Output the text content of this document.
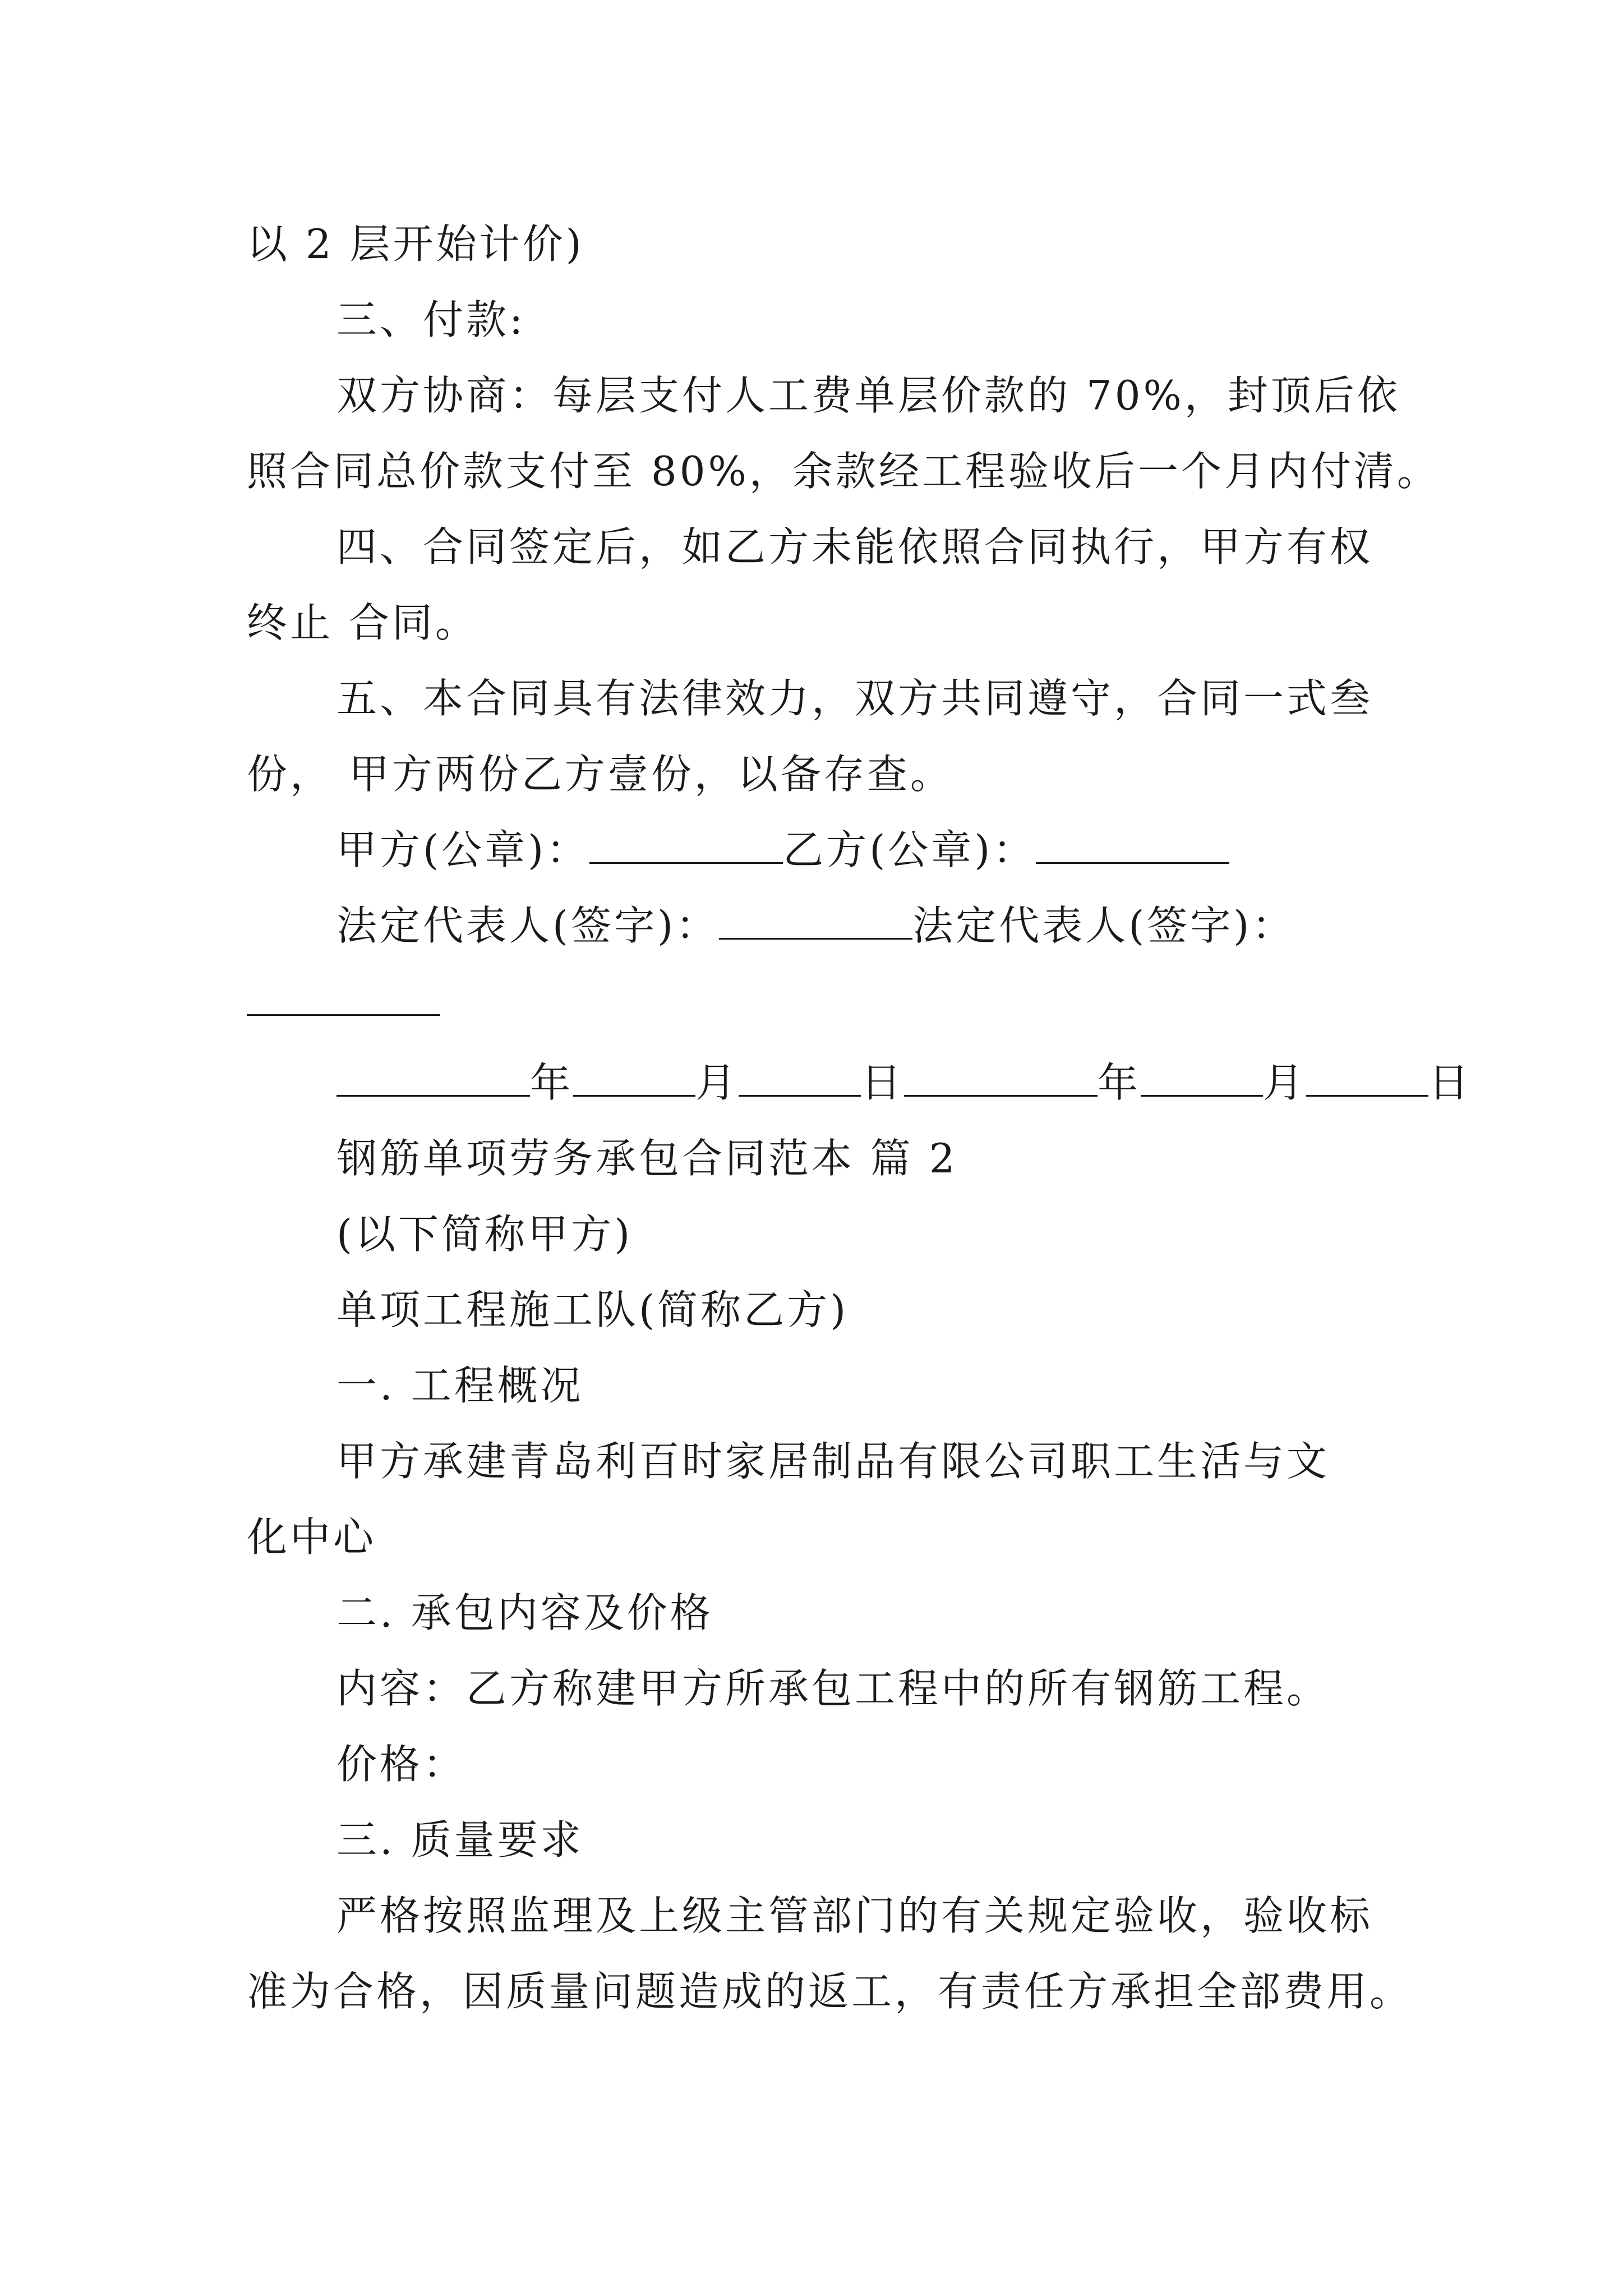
以 2 层开始计价)
三、付款:
双方协商：每层支付人工费单层价款的 70%，封顶后依
照合同总价款支付至 80%，余款经工程验收后一个月内付清。
四、合同签定后，如乙方未能依照合同执行，甲方有权
终止 合同。
五、本合同具有法律效力，双方共同遵守，合同一式叁
份， 甲方两份乙方壹份，以备存查。
甲方(公章)：	乙方(公章)：
法定代表人(签字)：	法定代表人(签字)：
年	月	日	年	月	日
钢筋单项劳务承包合同范本 篇 2
(以下简称甲方)
单项工程施工队(简称乙方)
一. 工程概况
甲方承建青岛利百时家居制品有限公司职工生活与文
化中心
二. 承包内容及价格
内容：乙方称建甲方所承包工程中的所有钢筋工程。
价格：
三. 质量要求
严格按照监理及上级主管部门的有关规定验收，验收标
准为合格，因质量问题造成的返工，有责任方承担全部费用。
